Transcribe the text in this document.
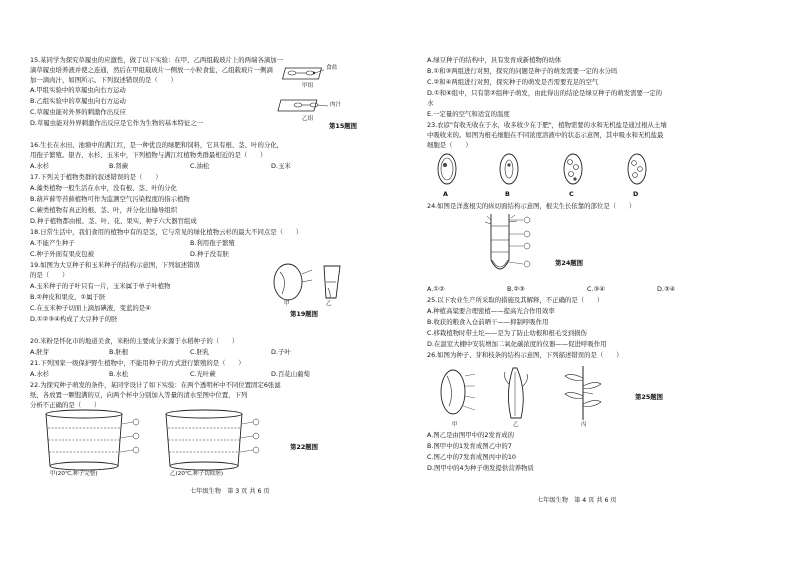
15.某同学为探究草履虫的应激性，做了以下实验：在甲、乙两组载玻片上的两端各滴加一
滴草履虫培养液并使之连通，然后在甲组载玻片一侧放一小粒食盐，乙组载玻片一侧滴
加一滴肉汁，如图所示。下列叙述错误的是（　　）
A.甲组实验中的草履虫向右方运动
B.乙组实验中的草履虫向右方运动
C.草履虫能对外界的刺激作出反应
D.草履虫能对外界刺激作出反应是它作为生物的基本特征之一
食盐
甲组
肉汁
乙组
第15题图
16.生长在水田、池塘中的满江红，是一种优良的绿肥和饲料，它具有根、茎、叶的分化，
用孢子繁殖。银杏、水杉、玉米中，下列植物与满江红植物类群最相近的是（　　）
A.水杉	B.肾蕨	C.油松	D.玉米
17.下列关于植物类群的叙述错误的是（　　）
A.藻类植物一般生活在水中，没有根、茎、叶的分化
B.葫芦藓等苔藓植物可作为监测空气污染程度的指示植物
C.蕨类植物有真正的根、茎、叶，并分化出输导组织
D.种子植物都由根、茎、叶、花、果实、种子六大器官组成
18.日常生活中，我们食用的植物中有的是茎，它与常见的绿化植物云杉的最大不同点是（　　）
A.不能产生种子	B.利用孢子繁殖
C.种子外面有果皮包被	D.种子没有胚
19.如图为大豆种子和玉米种子的结构示意图，下列叙述错误
的是（　　）
A.玉米种子的子叶只有一片，玉米属于单子叶植物
B.②种皮和果皮，①属于胚
C.在玉米种子切面上滴加碘液，变蓝的是④
D.①②③④构成了大豆种子的胚
甲	乙
第19题图
20.米粉是怀化市的地道美食，米粉的主要成分来源于水稻种子的（　　）
A.胚芽	B.胚根	C.胚乳	D.子叶
21.下列国家一级保护野生植物中，不能用种子的方式进行繁殖的是（　　）
A.水杉	B.水松	C.光叶蕨	D.百花山葡萄
22.为探究种子萌发的条件，某同学设计了如下实验：在两个透明杯中不同位置固定6张滤
纸，各放置一颗饱满的豆，向两个杯中分别加入等量的清水至图中位置，下列
分析不正确的是（　　）
甲(20℃,种子完整)	乙(20℃,种子切除胚)
第22题图
七年级生物　第 3 页 共 6 页
A.绿豆种子的结构中，具有发育成新植物的幼体
B.①和③两组进行对照，探究的问题是种子的萌发需要一定的水分吗
C.②和④两组进行对照，探究种子的萌发是否需要充足的空气
D.①和⑥组中，只有第②组种子萌发，由此得出的结论是绿豆种子的萌发需要一定的
水
E.一定量的空气和适宜的温度
23.农谚"有收无收在于水，收多收少在于肥"，植物需要的水和无机盐是通过根从土壤
中吸收来的。如图为根毛细胞在不同浓度溶液中的状态示意图，其中吸水和无机盐最
细胞是（　　）
A	B	C	D
24.如图是洋葱根尖的纵切面结构示意图，根尖生长依靠的部位是（　　）
第24题图
A.①②	B.②③	C.③④	D.③④
25.以下农业生产所采取的措施及其解释，不正确的是（　　）
A.种植高粱要合理密植——提高光合作用效率
B.收获的粮食入仓前晒干——抑制呼吸作用
C.移栽植物时带土坨——是为了防止幼根和根毛受到损伤
D.在温室大棚中安装增加二氧化碳浓度的仪器——促进呼吸作用
26.如图为种子、芽和枝条的结构示意图，下列描述错误的是（　　）
甲	乙	丙
第25题图
A.图乙是由图甲中的2发育成的
B.图甲中的1发育成图乙中的7
C.图乙中的7发育成图丙中的10
D.图甲中的4为种子萌发提供营养物质
七年级生物　第 4 页 共 6 页
